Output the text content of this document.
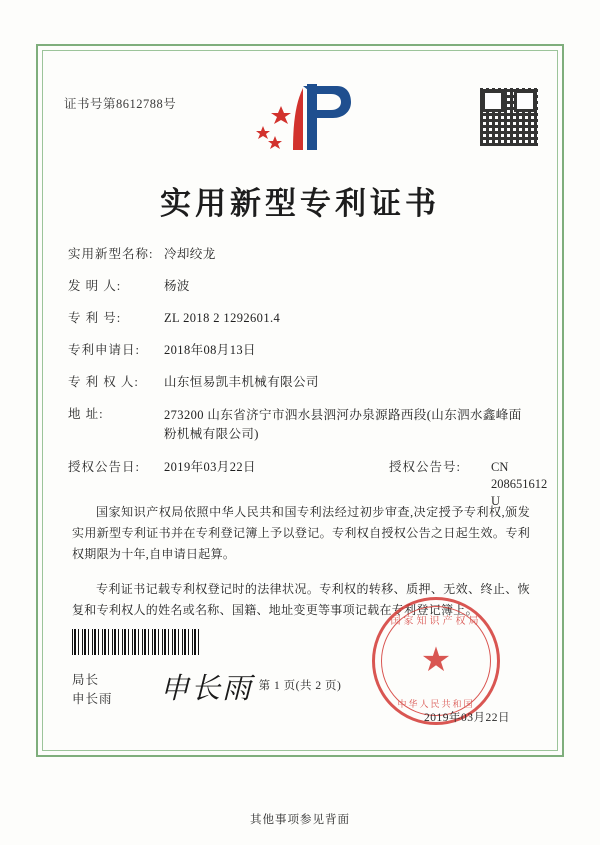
证书号第8612788号
实用新型专利证书
实用新型名称: 冷却绞龙
发 明 人:	杨波
专 利 号:	ZL 2018 2 1292601.4
专利申请日:	2018年08月13日
专 利 权 人:	山东恒易凯丰机械有限公司
地 址:	273200 山东省济宁市泗水县泗河办泉源路西段(山东泗水鑫峰面粉机械有限公司)
授权公告日:	2019年03月22日	授权公告号:	CN 208651612 U

国家知识产权局依照中华人民共和国专利法经过初步审查,决定授予专利权,颁发实用新型专利证书并在专利登记簿上予以登记。专利权自授权公告之日起生效。专利权期限为十年,自申请日起算。

专利证书记载专利权登记时的法律状况。专利权的转移、质押、无效、终止、恢复和专利权人的姓名或名称、国籍、地址变更等事项记载在专利登记簿上。

局长
申长雨 申长雨
国家知识产权局
★
中华人民共和国
2019年03月22日
第 1 页(共 2 页)
其他事项参见背面
